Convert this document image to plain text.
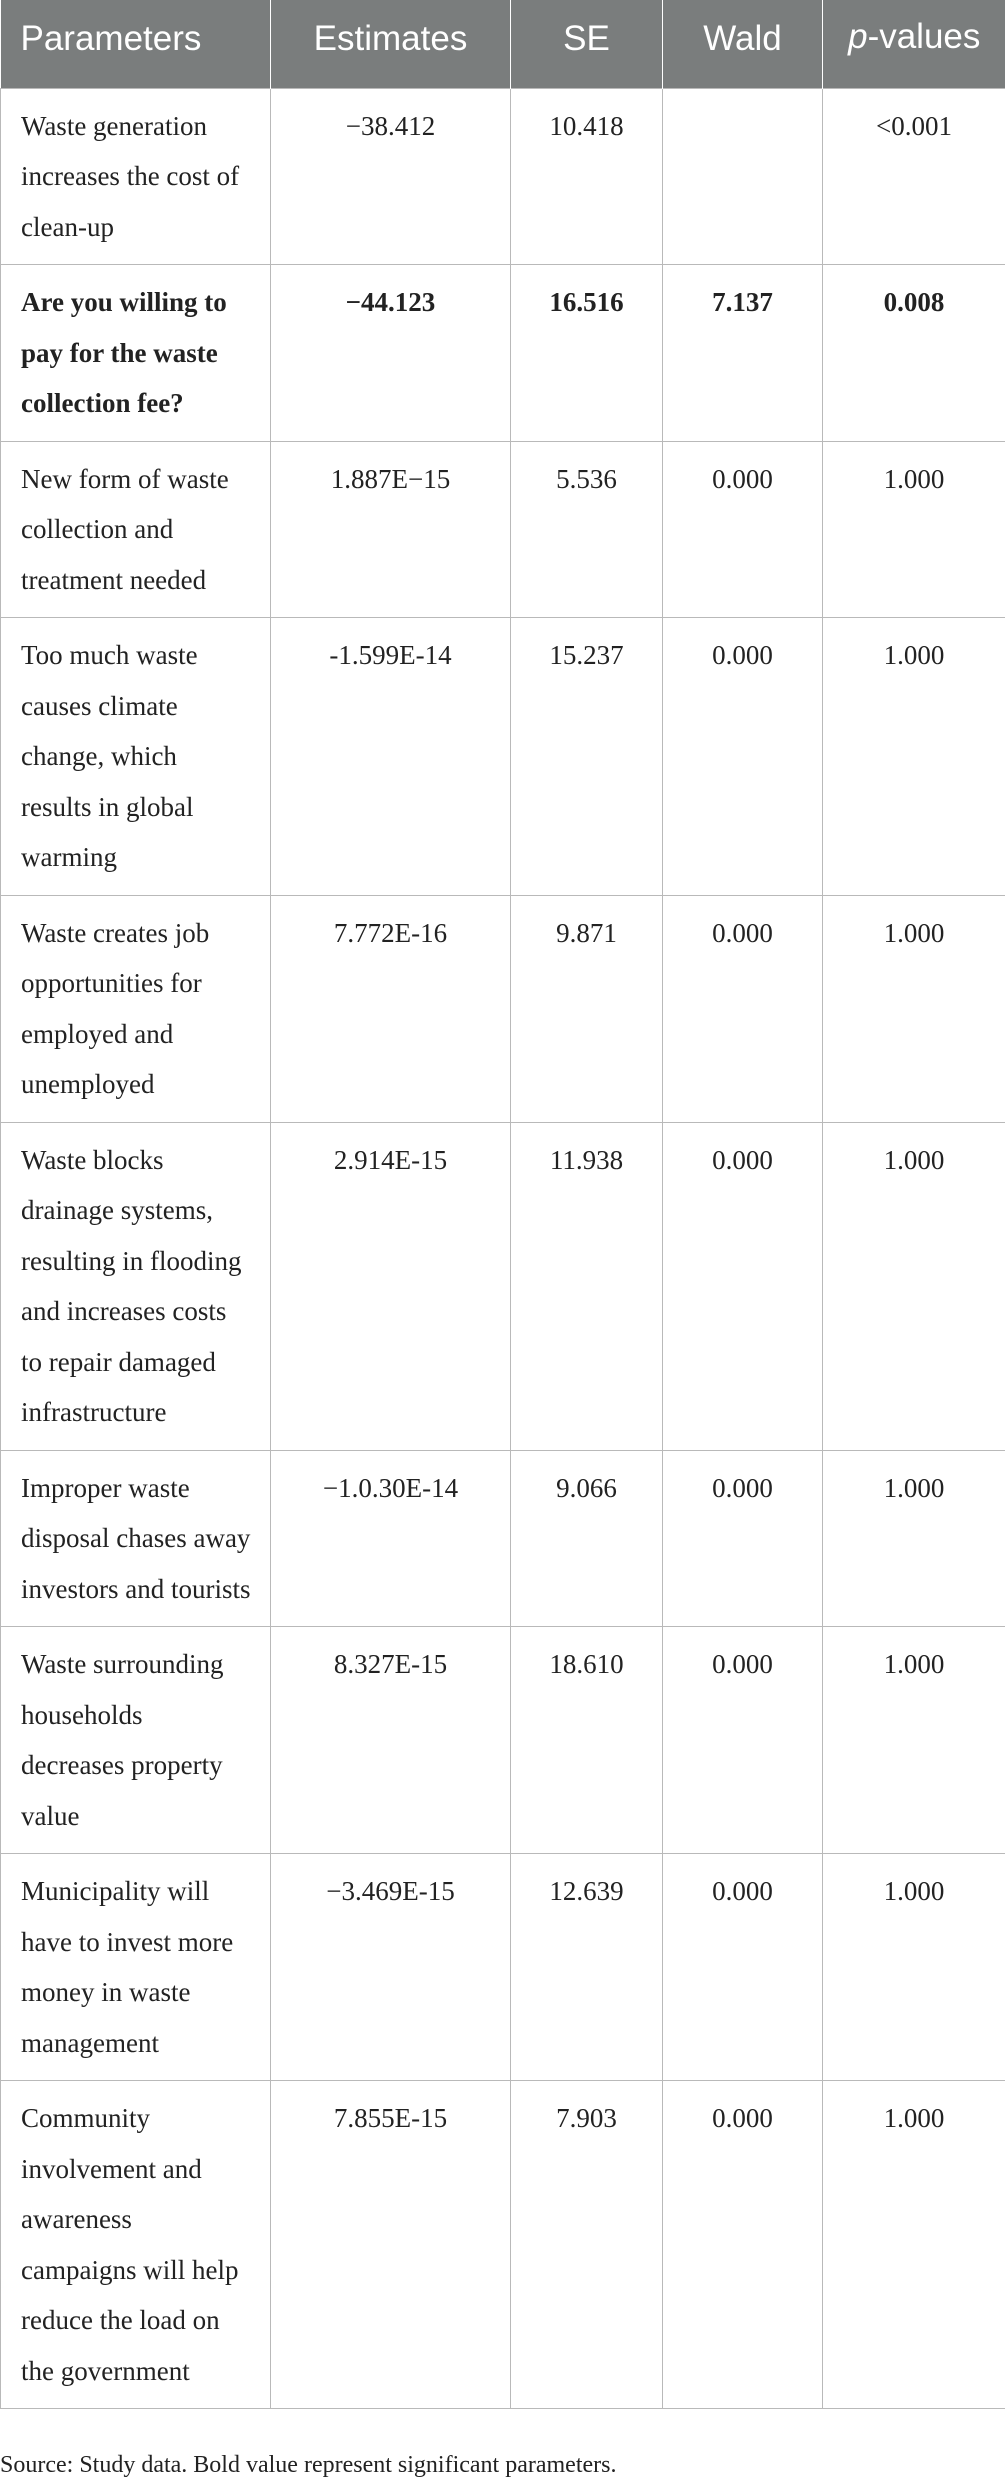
Parameters	Estimates	SE	Wald	p-values
Waste generation increases the cost of clean-up	−38.412	10.418		<0.001
Are you willing to pay for the waste collection fee?	−44.123	16.516	7.137	0.008
New form of waste collection and treatment needed	1.887E−15	5.536	0.000	1.000
Too much waste causes climate change, which results in global warming	-1.599E-14	15.237	0.000	1.000
Waste creates job opportunities for employed and unemployed	7.772E-16	9.871	0.000	1.000
Waste blocks drainage systems, resulting in flooding and increases costs to repair damaged infrastructure	2.914E-15	11.938	0.000	1.000
Improper waste disposal chases away investors and tourists	−1.0.30E-14	9.066	0.000	1.000
Waste surrounding households decreases property value	8.327E-15	18.610	0.000	1.000
Municipality will have to invest more money in waste management	−3.469E-15	12.639	0.000	1.000
Community involvement and awareness campaigns will help reduce the load on the government	7.855E-15	7.903	0.000	1.000
Source: Study data. Bold value represent significant parameters.
